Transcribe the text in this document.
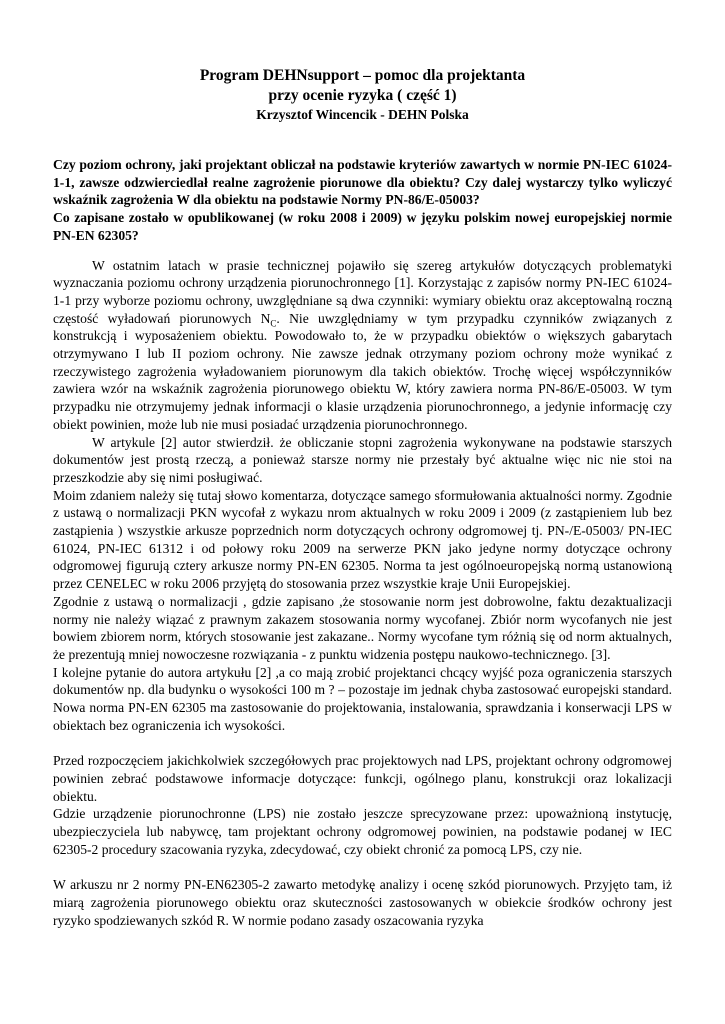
Program DEHNsupport – pomoc dla projektanta
przy ocenie ryzyka ( część 1)
Krzysztof Wincencik - DEHN Polska

Czy poziom ochrony, jaki projektant obliczał na podstawie kryteriów zawartych w normie PN-IEC 61024-1-1, zawsze odzwierciedlał realne zagrożenie piorunowe dla obiektu? Czy dalej wystarczy tylko wyliczyć wskaźnik zagrożenia W dla obiektu na podstawie Normy PN-86/E-05003?

Co zapisane zostało w opublikowanej (w roku 2008 i 2009) w języku polskim nowej europejskiej normie PN-EN 62305?

W ostatnim latach w prasie technicznej pojawiło się szereg artykułów dotyczących problematyki wyznaczania poziomu ochrony urządzenia piorunochronnego [1]. Korzystając z zapisów normy PN-IEC 61024-1-1 przy wyborze poziomu ochrony, uwzględniane są dwa czynniki: wymiary obiektu oraz akceptowalną roczną częstość wyładowań piorunowych $N_C$. Nie uwzględniamy w tym przypadku czynników związanych z konstrukcją i wyposażeniem obiektu. Powodowało to, że w przypadku obiektów o większych gabarytach otrzymywano I lub II poziom ochrony. Nie zawsze jednak otrzymany poziom ochrony może wynikać z rzeczywistego zagrożenia wyładowaniem piorunowym dla takich obiektów. Trochę więcej współczynników zawiera wzór na wskaźnik zagrożenia piorunowego obiektu W, który zawiera norma PN-86/E-05003. W tym przypadku nie otrzymujemy jednak informacji o klasie urządzenia piorunochronnego, a jedynie informację czy obiekt powinien, może lub nie musi posiadać urządzenia piorunochronnego.

W artykule [2] autor stwierdził. że obliczanie stopni zagrożenia wykonywane na podstawie starszych dokumentów jest prostą rzeczą, a ponieważ starsze normy nie przestały być aktualne więc nic nie stoi na przeszkodzie aby się nimi posługiwać.

Moim zdaniem należy się tutaj słowo komentarza, dotyczące samego sformułowania aktualności normy. Zgodnie z ustawą o normalizacji PKN wycofał z wykazu nrom aktualnych w roku 2009 i 2009 (z zastąpieniem lub bez zastąpienia ) wszystkie arkusze poprzednich norm dotyczących ochrony odgromowej tj. PN-/E-05003/ PN-IEC 61024, PN-IEC 61312 i od połowy roku 2009 na serwerze PKN jako jedyne normy dotyczące ochrony odgromowej figurują cztery arkusze normy PN-EN 62305. Norma ta jest ogólnoeuropejską normą ustanowioną przez CENELEC w roku 2006 przyjętą do stosowania przez wszystkie kraje Unii Europejskiej.

Zgodnie z ustawą o normalizacji , gdzie zapisano ,że stosowanie norm jest dobrowolne, faktu dezaktualizacji normy nie należy wiązać z prawnym zakazem stosowania normy wycofanej. Zbiór norm wycofanych nie jest bowiem zbiorem norm, których stosowanie jest zakazane.. Normy wycofane tym różnią się od norm aktualnych, że prezentują mniej nowoczesne rozwiązania - z punktu widzenia postępu naukowo-technicznego. [3].

I kolejne pytanie do autora artykułu [2] ,a co mają zrobić projektanci chcący wyjść poza ograniczenia starszych dokumentów np. dla budynku o wysokości 100 m ? – pozostaje im jednak chyba zastosować europejski standard. Nowa norma PN-EN 62305 ma zastosowanie do projektowania, instalowania, sprawdzania i konserwacji LPS w obiektach bez ograniczenia ich wysokości.

Przed rozpoczęciem jakichkolwiek szczegółowych prac projektowych nad LPS, projektant ochrony odgromowej powinien zebrać podstawowe informacje dotyczące: funkcji, ogólnego planu, konstrukcji oraz lokalizacji obiektu.

Gdzie urządzenie piorunochronne (LPS) nie zostało jeszcze sprecyzowane przez: upoważnioną instytucję, ubezpieczyciela lub nabywcę, tam projektant ochrony odgromowej powinien, na podstawie podanej w IEC 62305-2 procedury szacowania ryzyka, zdecydować, czy obiekt chronić za pomocą LPS, czy nie.

W arkuszu nr 2 normy PN-EN62305-2 zawarto metodykę analizy i ocenę szkód piorunowych. Przyjęto tam, iż miarą zagrożenia piorunowego obiektu oraz skuteczności zastosowanych w obiekcie środków ochrony jest ryzyko spodziewanych szkód R. W normie podano zasady oszacowania ryzyka
